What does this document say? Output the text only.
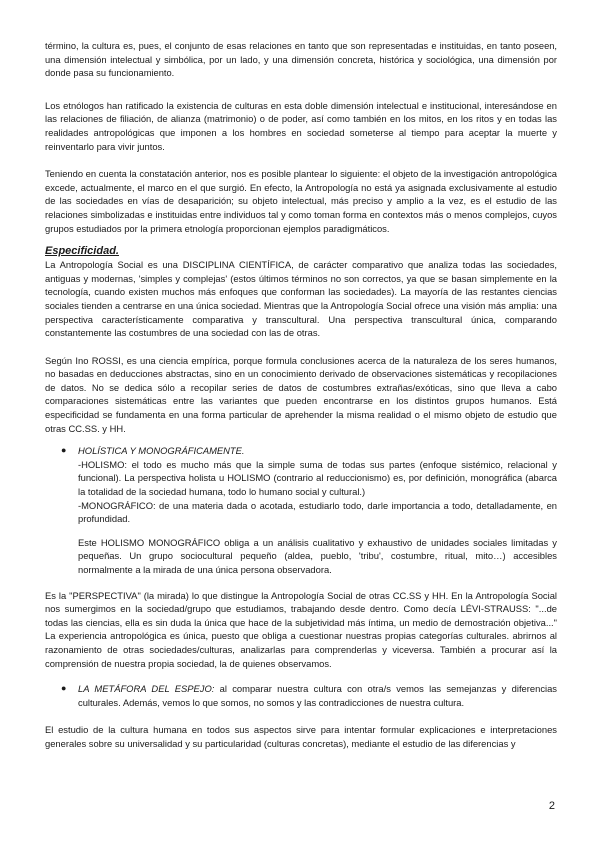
término, la cultura es, pues, el conjunto de esas relaciones en tanto que son representadas e instituidas, en tanto poseen, una dimensión intelectual y simbólica, por un lado, y una dimensión concreta, histórica y sociológica, una dimensión por donde pasa su funcionamiento.

Los etnólogos han ratificado la existencia de culturas en esta doble dimensión intelectual e institucional, interesándose en las relaciones de filiación, de alianza (matrimonio) o de poder, así como también en los mitos, en los ritos y en todas las realidades antropológicas que imponen a los hombres en sociedad someterse al tiempo para aceptar la muerte y reinventarlo para vivir juntos.

Teniendo en cuenta la constatación anterior, nos es posible plantear lo siguiente: el objeto de la investigación antropológica excede, actualmente, el marco en el que surgió. En efecto, la Antropología no está ya asignada exclusivamente al estudio de las sociedades en vías de desaparición; su objeto intelectual, más preciso y amplio a la vez, es el estudio de las relaciones simbolizadas e instituidas entre individuos tal y como toman forma en contextos más o menos complejos, cuyos grupos estudiados por la primera etnología proporcionan ejemplos paradigmáticos.

Especificidad.

La Antropología Social es una DISCIPLINA CIENTÍFICA, de carácter comparativo que analiza todas las sociedades, antiguas y modernas, 'simples y complejas' (estos últimos términos no son correctos, ya que se basan simplemente en la tecnología, cuando existen muchos más enfoques que conforman las sociedades). La mayoría de las restantes ciencias sociales tienden a centrarse en una única sociedad. Mientras que la Antropología Social ofrece una visión más amplia: una perspectiva característicamente comparativa y transcultural. Una perspectiva transcultural única, comparando constantemente las costumbres de una sociedad con las de otras.

Según Ino ROSSI, es una ciencia empírica, porque formula conclusiones acerca de la naturaleza de los seres humanos, no basadas en deducciones abstractas, sino en un conocimiento derivado de observaciones sistemáticas y recopilaciones de datos. No se dedica sólo a recopilar series de datos de costumbres extrañas/exóticas, sino que lleva a cabo comparaciones sistemáticas entre las variantes que pueden encontrarse en los distintos grupos humanos. Está especificidad se fundamenta en una forma particular de aprehender la misma realidad o el mismo objeto de estudio que otras CC.SS. y HH.

● HOLÍSTICA Y MONOGRÁFICAMENTE.

-HOLISMO: el todo es mucho más que la simple suma de todas sus partes (enfoque sistémico, relacional y funcional). La perspectiva holista u HOLISMO (contrario al reduccionismo) es, por definición, monográfica (abarca la totalidad de la sociedad humana, todo lo humano social y cultural.)

-MONOGRÁFICO: de una materia dada o acotada, estudiarlo todo, darle importancia a todo, detalladamente, en profundidad.

Este HOLISMO MONOGRÁFICO obliga a un análisis cualitativo y exhaustivo de unidades sociales limitadas y pequeñas. Un grupo sociocultural pequeño (aldea, pueblo, 'tribu', costumbre, ritual, mito…) accesibles normalmente a la mirada de una única persona observadora.

Es la "PERSPECTIVA" (la mirada) lo que distingue la Antropología Social de otras CC.SS y HH. En la Antropología Social nos sumergimos en la sociedad/grupo que estudiamos, trabajando desde dentro. Como decía LÉVI-STRAUSS: "...de todas las ciencias, ella es sin duda la única que hace de la subjetividad más íntima, un medio de demostración objetiva..." La experiencia antropológica es única, puesto que obliga a cuestionar nuestras propias categorías culturales. abrirnos al razonamiento de otras sociedades/culturas, analizarlas para comprenderlas y viceversa. También a procurar así la comprensión de nuestra propia sociedad, la de quienes observamos.

● LA METÁFORA DEL ESPEJO: al comparar nuestra cultura con otra/s vemos las semejanzas y diferencias culturales. Además, vemos lo que somos, no somos y las contradicciones de nuestra cultura.

El estudio de la cultura humana en todos sus aspectos sirve para intentar formular explicaciones e interpretaciones generales sobre su universalidad y su particularidad (culturas concretas), mediante el estudio de las diferencias y

2
